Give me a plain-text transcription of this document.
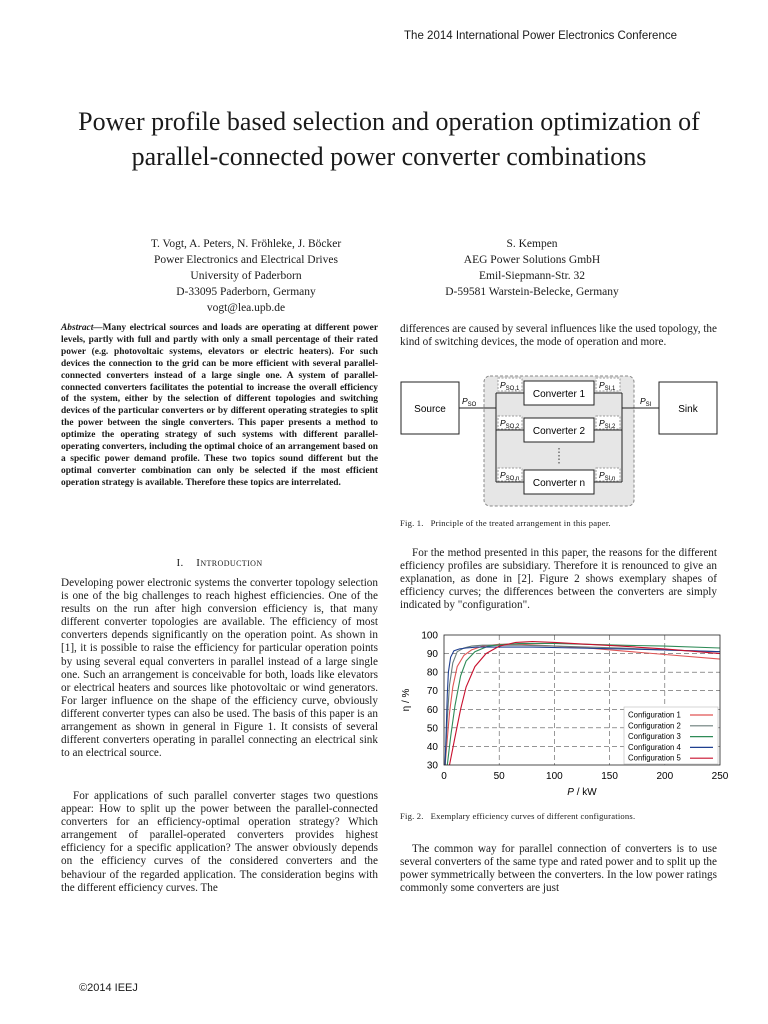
The 2014 International Power Electronics Conference
Power profile based selection and operation optimization of parallel-connected power converter combinations
T. Vogt, A. Peters, N. Fröhleke, J. Böcker
Power Electronics and Electrical Drives
University of Paderborn
D-33095 Paderborn, Germany
vogt@lea.upb.de
S. Kempen
AEG Power Solutions GmbH
Emil-Siepmann-Str. 32
D-59581 Warstein-Belecke, Germany
Abstract—Many electrical sources and loads are operating at different power levels, partly with full and partly with only a small percentage of their rated power (e.g. photovoltaic systems, elevators or electric heaters). For such devices the connection to the grid can be more efficient with several parallel-connected converters instead of a large single one. A system of parallel-connected converters facilitates the potential to increase the overall efficiency of the system, either by the selection of different topologies and switching devices of the particular converters or by different operating strategies to split the power between the single converters. This paper presents a method to optimize the operating strategy of such systems with different parallel-operating converters, including the optimal choice of an arrangement based on a specific power demand profile. These two topics sound different but the optimal converter combination can only be selected if the most efficient operation strategy is available. Therefore these topics are interrelated.
I. Introduction
Developing power electronic systems the converter topology selection is one of the big challenges to reach highest efficiencies. One of the results on the run after high conversion efficiency is, that many different converter topologies are available. The efficiency of most converters depends significantly on the operation point. As shown in [1], it is possible to raise the efficiency for particular operation points by using several equal converters in parallel instead of a large single one. Such an arrangement is conceivable for both, loads like elevators or electrical heaters and sources like photovoltaic or wind generators. For larger influence on the shape of the efficiency curve, obviously different converter types can also be used. The basis of this paper is an arrangement as shown in general in Figure 1. It consists of several different converters operating in parallel connecting an electrical sink to an electrical source.
For applications of such parallel converter stages two questions appear: How to split up the power between the parallel-connected converters for an efficiency-optimal operation strategy? Which arrangement of parallel-operated converters provides highest efficiency for a specific application? The answer obviously depends on the efficiency curves of the considered converters and the behaviour of the regarded application. The consideration begins with the different efficiency curves. The
differences are caused by several influences like the used topology, the kind of switching devices, the mode of operation and more.
Source	Sink
Converter 1
Converter 2
Converter n
$P_{SO,1}$
$P_{SO,2}$
$P_{SO,n}$
$P_{SI,1}$
$P_{SI,2}$
$P_{SI,n}$
$P_{SO}$	$P_{SI}$
Fig. 1. Principle of the treated arrangement in this paper.
For the method presented in this paper, the reasons for the different efficiency profiles are subsidiary. Therefore it is renounced to give an explanation, as done in [2]. Figure 2 shows exemplary shapes of efficiency curves; the differences between the converters are simply indicated by "configuration".
30
40
50
60
70
80
90
100
0	50	100	150	200	250
Configuration 1
Configuration 2
Configuration 3
Configuration 4
Configuration 5
η / %
P / kW
Fig. 2. Exemplary efficiency curves of different configurations.
The common way for parallel connection of converters is to use several converters of the same type and rated power and to split up the power symmetrically between the converters. In the low power ratings commonly some converters are just
©2014 IEEJ
